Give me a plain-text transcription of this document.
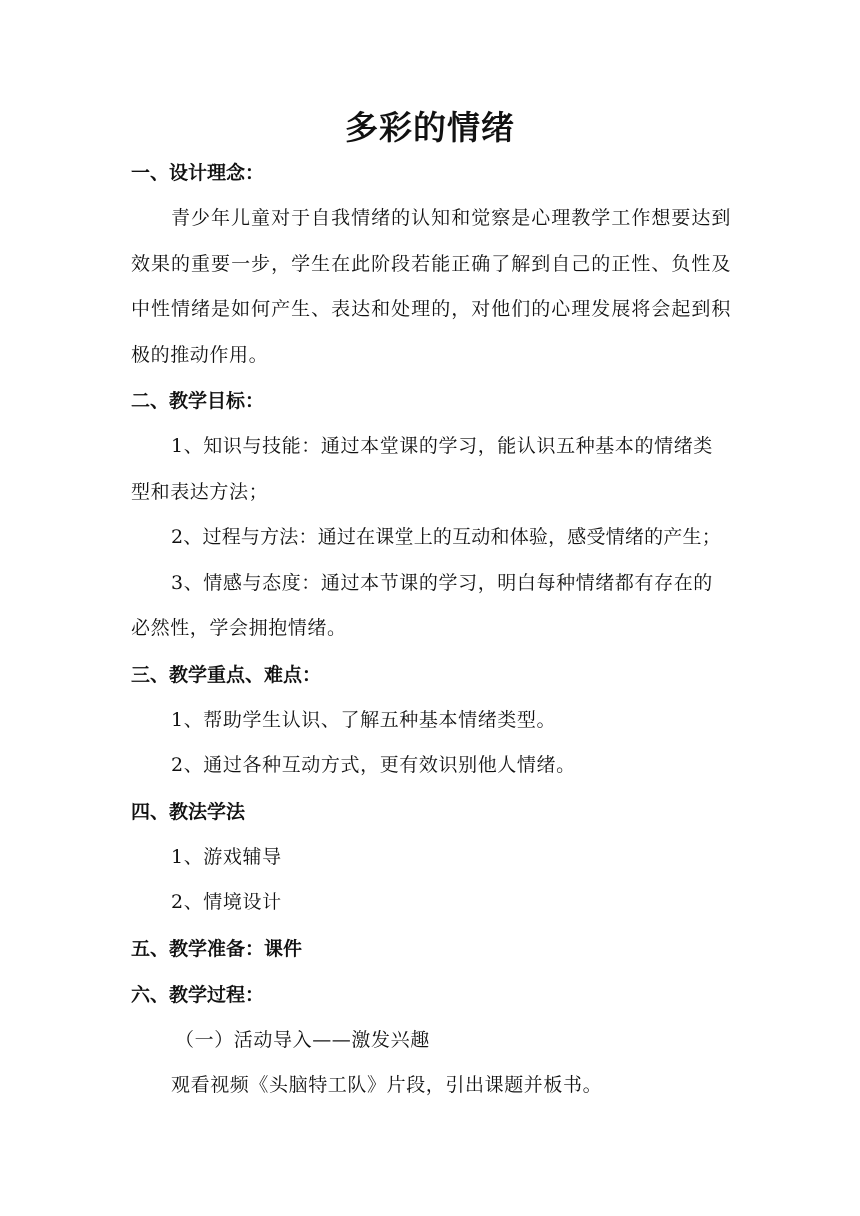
多彩的情绪
一、设计理念：
青少年儿童对于自我情绪的认知和觉察是心理教学工作想要达到效果的重要一步，学生在此阶段若能正确了解到自己的正性、负性及中性情绪是如何产生、表达和处理的，对他们的心理发展将会起到积极的推动作用。
二、教学目标：
1、知识与技能：通过本堂课的学习，能认识五种基本的情绪类型和表达方法；
2、过程与方法：通过在课堂上的互动和体验，感受情绪的产生；
3、情感与态度：通过本节课的学习，明白每种情绪都有存在的必然性，学会拥抱情绪。
三、教学重点、难点：
1、帮助学生认识、了解五种基本情绪类型。
2、通过各种互动方式，更有效识别他人情绪。
四、教法学法
1、游戏辅导
2、情境设计
五、教学准备：课件
六、教学过程：
（一）活动导入——激发兴趣
观看视频《头脑特工队》片段，引出课题并板书。
